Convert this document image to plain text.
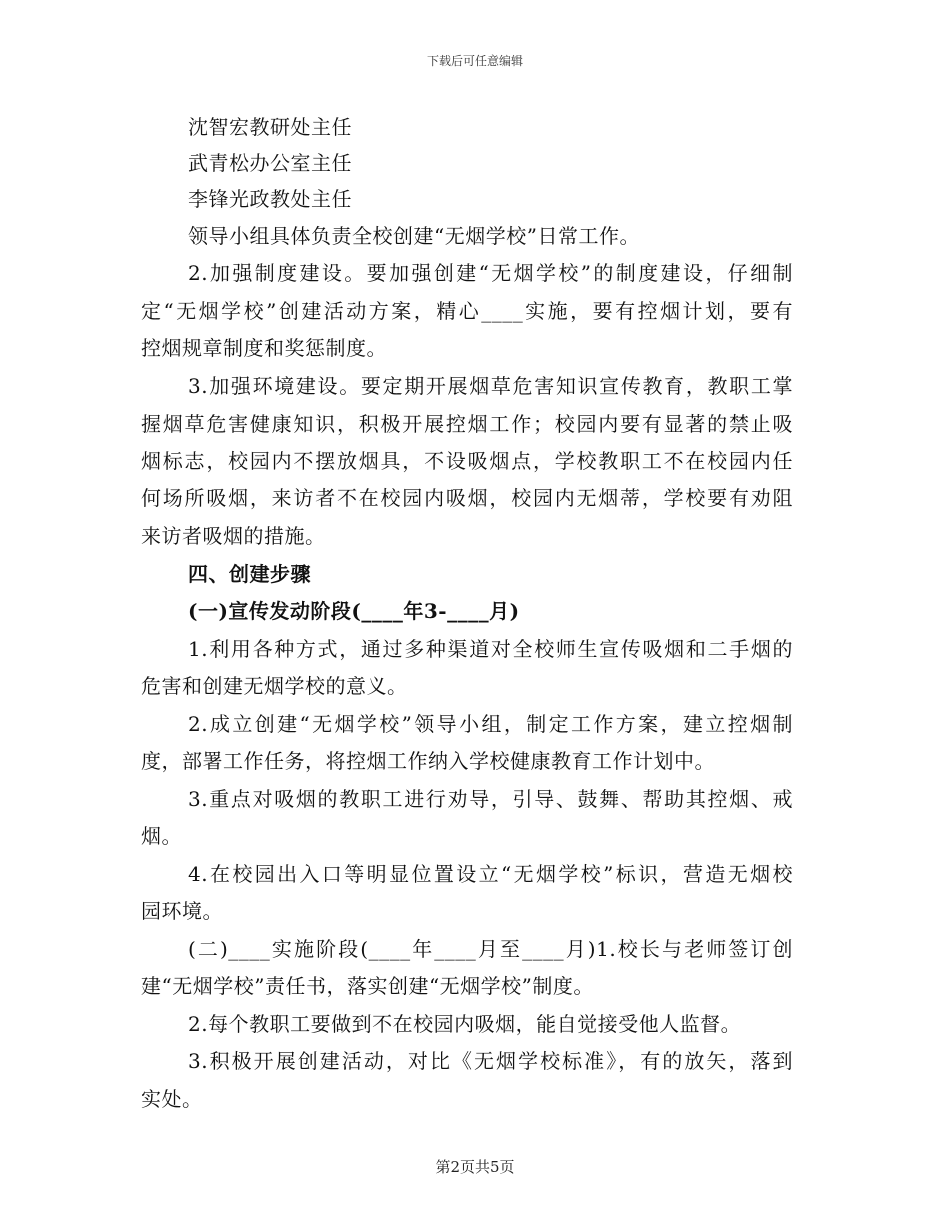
下载后可任意编辑
沈智宏教研处主任
武青松办公室主任
李锋光政教处主任
领导小组具体负责全校创建“无烟学校”日常工作。
2.加强制度建设。要加强创建“无烟学校”的制度建设，仔细制
定“无烟学校”创建活动方案，精心____实施，要有控烟计划，要有
控烟规章制度和奖惩制度。
3.加强环境建设。要定期开展烟草危害知识宣传教育，教职工掌
握烟草危害健康知识，积极开展控烟工作；校园内要有显著的禁止吸
烟标志，校园内不摆放烟具，不设吸烟点，学校教职工不在校园内任
何场所吸烟，来访者不在校园内吸烟，校园内无烟蒂，学校要有劝阻
来访者吸烟的措施。
四、创建步骤
(一)宣传发动阶段(____年3-____月)
1.利用各种方式，通过多种渠道对全校师生宣传吸烟和二手烟的
危害和创建无烟学校的意义。
2.成立创建“无烟学校”领导小组，制定工作方案，建立控烟制
度，部署工作任务，将控烟工作纳入学校健康教育工作计划中。
3.重点对吸烟的教职工进行劝导，引导、鼓舞、帮助其控烟、戒
烟。
4.在校园出入口等明显位置设立“无烟学校”标识，营造无烟校
园环境。
(二)____实施阶段(____年____月至____月)1.校长与老师签订创
建“无烟学校”责任书，落实创建“无烟学校”制度。
2.每个教职工要做到不在校园内吸烟，能自觉接受他人监督。
3.积极开展创建活动，对比《无烟学校标准》，有的放矢，落到
实处。
第2页共5页
